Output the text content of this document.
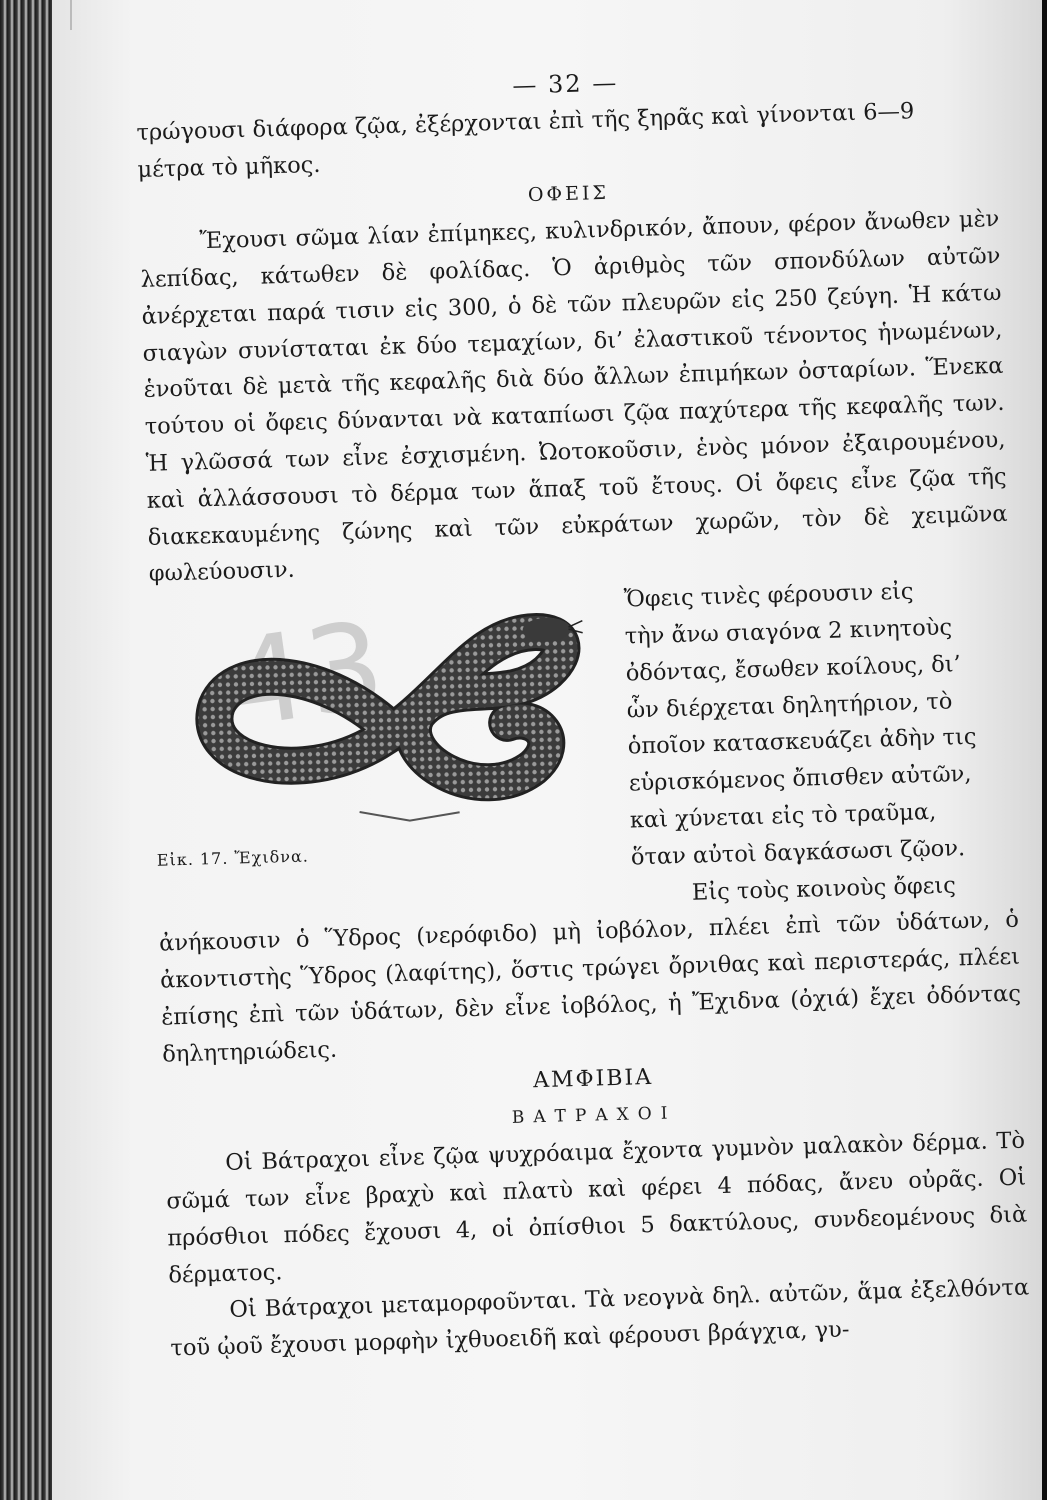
43

— 32 —

τρώγουσι διάφορα ζῷα, ἐξέρχονται ἐπὶ τῆς ξηρᾶς καὶ γίνονται 6—9

μέτρα τὸ μῆκος.

ΟΦΕΙΣ

Ἔχουσι σῶμα λίαν ἐπίμηκες, κυλινδρικόν, ἄπουν, φέρον ἄνωθεν μὲν λεπίδας, κάτωθεν δὲ φολίδας. Ὁ ἀριθμὸς τῶν σπονδύλων αὐτῶν ἀνέρχεται παρά τισιν εἰς 300, ὁ δὲ τῶν πλευρῶν εἰς 250 ζεύγη. Ἡ κάτω σιαγὼν συνίσταται ἐκ δύο τεμαχίων, δι’ ἐλαστικοῦ τένοντος ἡνωμένων, ἑνοῦται δὲ μετὰ τῆς κεφαλῆς διὰ δύο ἄλλων ἐπιμήκων ὀσταρίων. Ἕνεκα τούτου οἱ ὄφεις δύνανται νὰ καταπίωσι ζῷα παχύτερα τῆς κεφαλῆς των. Ἡ γλῶσσά των εἶνε ἐσχισμένη. Ὠοτοκοῦσιν, ἑνὸς μόνον ἐξαιρουμένου, καὶ ἀλλάσσουσι τὸ δέρμα των ἅπαξ τοῦ ἔτους. Οἱ ὄφεις εἶνε ζῷα τῆς διακεκαυμένης ζώνης καὶ τῶν εὐκράτων χωρῶν, τὸν δὲ χειμῶνα φωλεύουσιν.

Εἰκ. 17. Ἔχιδνα.

Ὄφεις τινὲς φέρουσιν εἰς

τὴν ἄνω σιαγόνα 2 κινητοὺς

ὀδόντας, ἔσωθεν κοίλους, δι’

ὧν διέρχεται δηλητήριον, τὸ

ὁποῖον κατασκευάζει ἀδὴν τις

εὑρισκόμενος ὄπισθεν αὐτῶν,

καὶ χύνεται εἰς τὸ τραῦμα,

ὅταν αὐτοὶ δαγκάσωσι ζῷον.

Εἰς τοὺς κοινοὺς ὄφεις

ἀνήκουσιν ὁ Ὕδρος (νερόφιδο) μὴ ἰοβόλον, πλέει ἐπὶ τῶν ὑδάτων, ὁ ἀκοντιστὴς Ὕδρος (λαφίτης), ὅστις τρώγει ὄρνιθας καὶ περιστεράς, πλέει ἐπίσης ἐπὶ τῶν ὑδάτων, δὲν εἶνε ἰοβόλος, ἡ Ἔχιδνα (ὀχιά) ἔχει ὀδόντας δηλητηριώδεις.

ΑΜΦΙΒΙΑ

ΒΑΤΡΑΧΟΙ

Οἱ Βάτραχοι εἶνε ζῷα ψυχρόαιμα ἔχοντα γυμνὸν μαλακὸν δέρμα. Τὸ σῶμά των εἶνε βραχὺ καὶ πλατὺ καὶ φέρει 4 πόδας, ἄνευ οὐρᾶς. Οἱ πρόσθιοι πόδες ἔχουσι 4, οἱ ὀπίσθιοι 5 δακτύλους, συνδεομένους διὰ δέρματος.

Οἱ Βάτραχοι μεταμορφοῦνται. Τὰ νεογνὰ δηλ. αὐτῶν, ἅμα ἐξελθόντα τοῦ ᾠοῦ ἔχουσι μορφὴν ἰχθυοειδῆ καὶ φέρουσι βράγχια, γυ-
